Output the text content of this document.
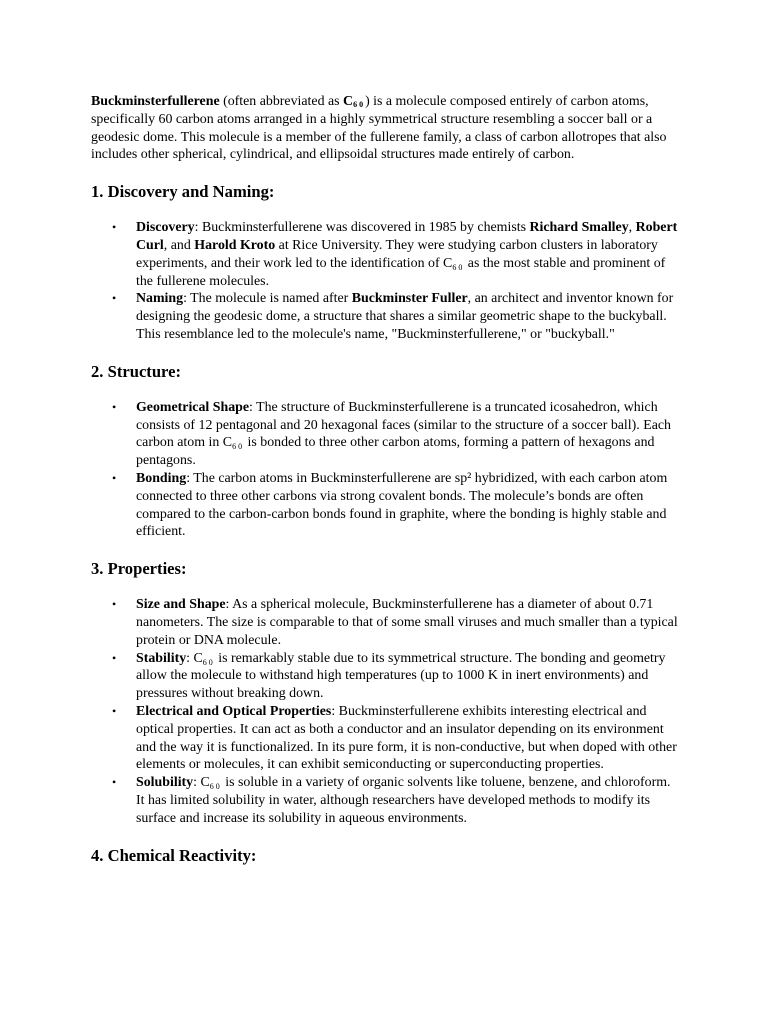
Buckminsterfullerene (often abbreviated as $C_{60}$) is a molecule composed entirely of carbon atoms, specifically 60 carbon atoms arranged in a highly symmetrical structure resembling a soccer ball or a geodesic dome. This molecule is a member of the fullerene family, a class of carbon allotropes that also includes other spherical, cylindrical, and ellipsoidal structures made entirely of carbon.

1. Discovery and Naming:
• Discovery: Buckminsterfullerene was discovered in 1985 by chemists Richard Smalley, Robert Curl, and Harold Kroto at Rice University. They were studying carbon clusters in laboratory experiments, and their work led to the identification of $C_{60}$ as the most stable and prominent of the fullerene molecules.
• Naming: The molecule is named after Buckminster Fuller, an architect and inventor known for designing the geodesic dome, a structure that shares a similar geometric shape to the buckyball. This resemblance led to the molecule's name, "Buckminsterfullerene," or "buckyball."
2. Structure:
• Geometrical Shape: The structure of Buckminsterfullerene is a truncated icosahedron, which consists of 12 pentagonal and 20 hexagonal faces (similar to the structure of a soccer ball). Each carbon atom in $C_{60}$ is bonded to three other carbon atoms, forming a pattern of hexagons and pentagons.
• Bonding: The carbon atoms in Buckminsterfullerene are sp² hybridized, with each carbon atom connected to three other carbons via strong covalent bonds. The molecule’s bonds are often compared to the carbon-carbon bonds found in graphite, where the bonding is highly stable and efficient.
3. Properties:
• Size and Shape: As a spherical molecule, Buckminsterfullerene has a diameter of about 0.71 nanometers. The size is comparable to that of some small viruses and much smaller than a typical protein or DNA molecule.
• Stability: $C_{60}$ is remarkably stable due to its symmetrical structure. The bonding and geometry allow the molecule to withstand high temperatures (up to 1000 K in inert environments) and pressures without breaking down.
• Electrical and Optical Properties: Buckminsterfullerene exhibits interesting electrical and optical properties. It can act as both a conductor and an insulator depending on its environment and the way it is functionalized. In its pure form, it is non-conductive, but when doped with other elements or molecules, it can exhibit semiconducting or superconducting properties.
• Solubility: $C_{60}$ is soluble in a variety of organic solvents like toluene, benzene, and chloroform. It has limited solubility in water, although researchers have developed methods to modify its surface and increase its solubility in aqueous environments.
4. Chemical Reactivity:
